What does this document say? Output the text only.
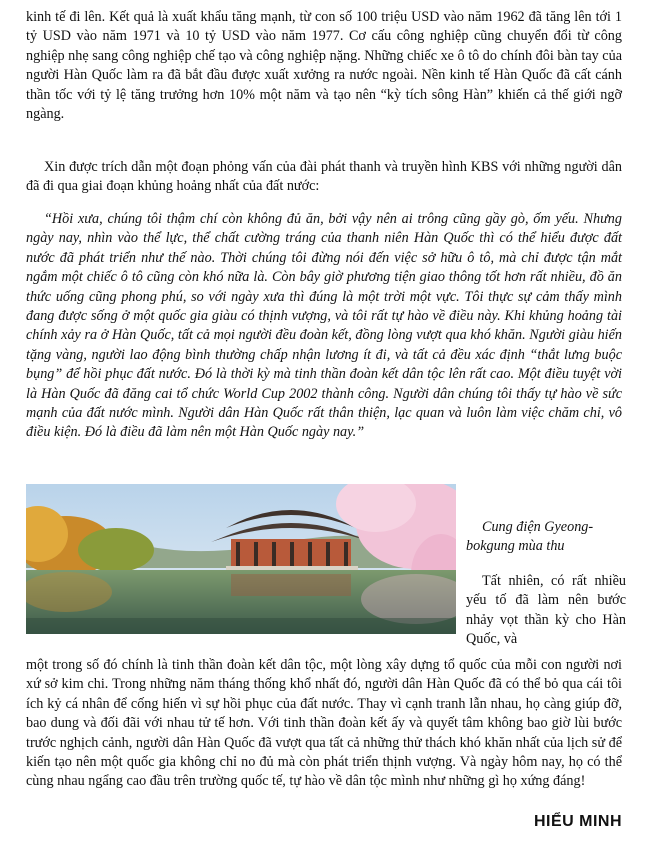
kinh tế đi lên. Kết quả là xuất khẩu tăng mạnh, từ con số 100 triệu USD vào năm 1962 đã tăng lên tới 1 tỷ USD vào năm 1971 và 10 tỷ USD vào năm 1977. Cơ cấu công nghiệp cũng chuyển đổi từ công nghiệp nhẹ sang công nghiệp chế tạo và công nghiệp nặng. Những chiếc xe ô tô do chính đôi bàn tay của người Hàn Quốc làm ra đã bắt đầu được xuất xưởng ra nước ngoài. Nền kinh tế Hàn Quốc đã cất cánh thần tốc với tỷ lệ tăng trưởng hơn 10% một năm và tạo nên “kỳ tích sông Hàn” khiến cả thế giới ngỡ ngàng.

Xin được trích dẫn một đoạn phỏng vấn của đài phát thanh và truyền hình KBS với những người dân đã đi qua giai đoạn khủng hoảng nhất của đất nước:

“Hồi xưa, chúng tôi thậm chí còn không đủ ăn, bởi vậy nên ai trông cũng gầy gò, ốm yếu. Nhưng ngày nay, nhìn vào thể lực, thể chất cường tráng của thanh niên Hàn Quốc thì có thể hiểu được đất nước đã phát triển như thế nào. Thời chúng tôi đừng nói đến việc sở hữu ô tô, mà chỉ được tận mắt ngắm một chiếc ô tô cũng còn khó nữa là. Còn bây giờ phương tiện giao thông tốt hơn rất nhiều, đồ ăn thức uống cũng phong phú, so với ngày xưa thì đúng là một trời một vực. Tôi thực sự cảm thấy mình đang được sống ở một quốc gia giàu có thịnh vượng, và tôi rất tự hào về điều này. Khi khủng hoảng tài chính xảy ra ở Hàn Quốc, tất cả mọi người đều đoàn kết, đồng lòng vượt qua khó khăn. Người giàu hiến tặng vàng, người lao động bình thường chấp nhận lương ít đi, và tất cả đều xác định “thắt lưng buộc bụng” để hồi phục đất nước. Đó là thời kỳ mà tinh thần đoàn kết dân tộc lên rất cao. Một điều tuyệt vời là Hàn Quốc đã đăng cai tổ chức World Cup 2002 thành công. Người dân chúng tôi thấy tự hào về sức mạnh của đất nước mình. Người dân Hàn Quốc rất thân thiện, lạc quan và luôn làm việc chăm chỉ, vô điều kiện. Đó là điều đã làm nên một Hàn Quốc ngày nay.”

Cung điện Gyeong-bokgung mùa thu

Tất nhiên, có rất nhiều yếu tố đã làm nên bước nhảy vọt thần kỳ cho Hàn Quốc, và

một trong số đó chính là tinh thần đoàn kết dân tộc, một lòng xây dựng tổ quốc của mỗi con người nơi xứ sở kim chi. Trong những năm tháng thống khổ nhất đó, người dân Hàn Quốc đã có thể bỏ qua cái tôi ích kỷ cá nhân để cống hiến vì sự hồi phục của đất nước. Thay vì cạnh tranh lẫn nhau, họ càng giúp đỡ, bao dung và đối đãi với nhau tử tế hơn. Với tinh thần đoàn kết ấy và quyết tâm không bao giờ lùi bước trước nghịch cảnh, người dân Hàn Quốc đã vượt qua tất cả những thử thách khó khăn nhất của lịch sử để kiến tạo nên một quốc gia không chỉ no đủ mà còn phát triển thịnh vượng. Và ngày hôm nay, họ có thể cùng nhau ngẩng cao đầu trên trường quốc tế, tự hào về dân tộc mình như những gì họ xứng đáng!

HIỂU MINH
